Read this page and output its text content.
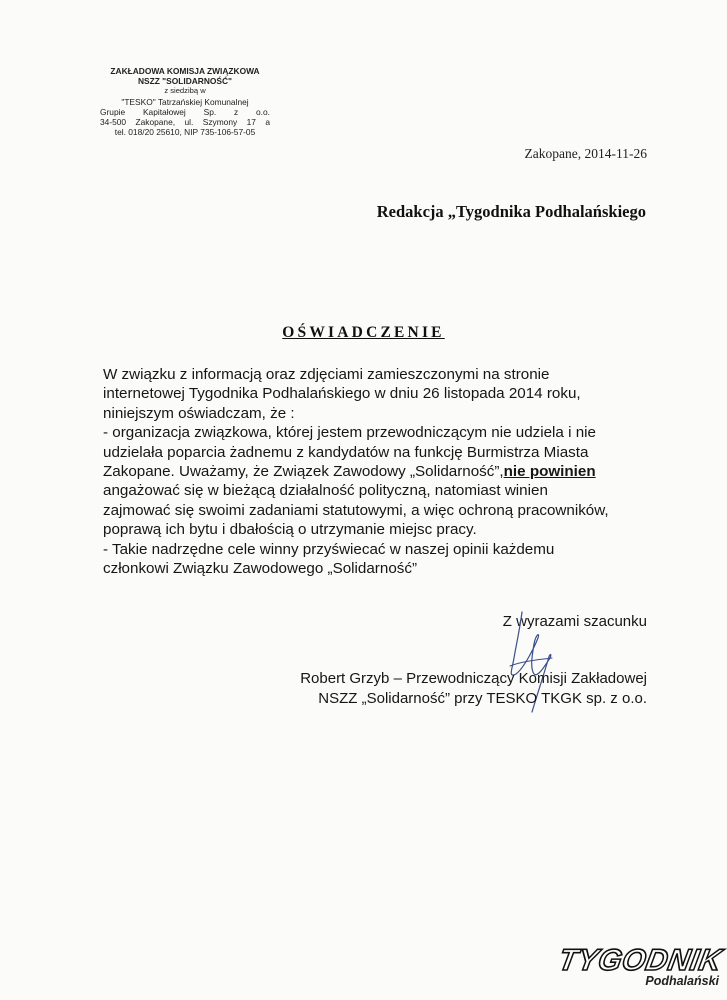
ZAKŁADOWA KOMISJA ZWIĄZKOWA
NSZZ "SOLIDARNOŚĆ"
z siedzibą w
"TESKO" Tatrzańskiej Komunalnej
Grupie Kapitałowej Sp. z o.o.
34-500 Zakopane, ul. Szymony 17 a
tel. 018/20 25610, NIP 735-106-57-05
Zakopane, 2014-11-26
Redakcja „Tygodnika Podhalańskiego
OŚWIADCZENIE
W związku z informacją oraz zdjęciami zamieszczonymi na stronie
internetowej Tygodnika Podhalańskiego w dniu 26 listopada 2014 roku,
niniejszym oświadczam, że :
- organizacja związkowa, której jestem przewodniczącym nie udziela i nie
udzielała poparcia żadnemu z kandydatów na funkcję Burmistrza Miasta
Zakopane. Uważamy, że Związek Zawodowy „Solidarność”,nie powinien
angażować się w bieżącą działalność polityczną, natomiast winien
zajmować się swoimi zadaniami statutowymi, a więc ochroną pracowników,
poprawą ich bytu i dbałością o utrzymanie miejsc pracy.
- Takie nadrzędne cele winny przyświecać w naszej opinii każdemu
członkowi Związku Zawodowego „Solidarność”
Z wyrazami szacunku
Robert Grzyb – Przewodniczący Komisji Zakładowej
NSZZ „Solidarność” przy TESKO TKGK sp. z o.o.
TYGODNIK
Podhalański
